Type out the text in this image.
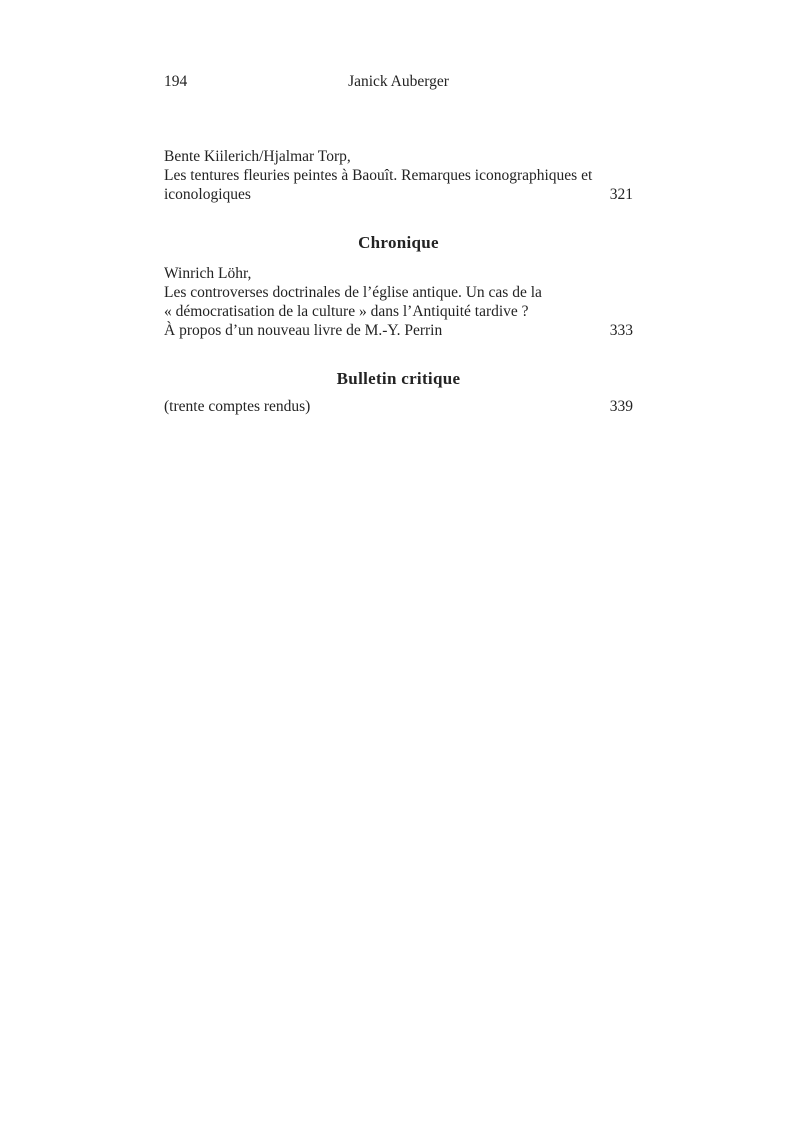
194	Janick Auberger

Bente Kiilerich/Hjalmar Torp,

Les tentures fleuries peintes à Baouît. Remarques iconographiques et

iconologiques	321
Chronique

Winrich Löhr,

Les controverses doctrinales de l’église antique. Un cas de la

« démocratisation de la culture » dans l’Antiquité tardive ?

À propos d’un nouveau livre de M.-Y. Perrin	333
Bulletin critique
(trente comptes rendus)	339
